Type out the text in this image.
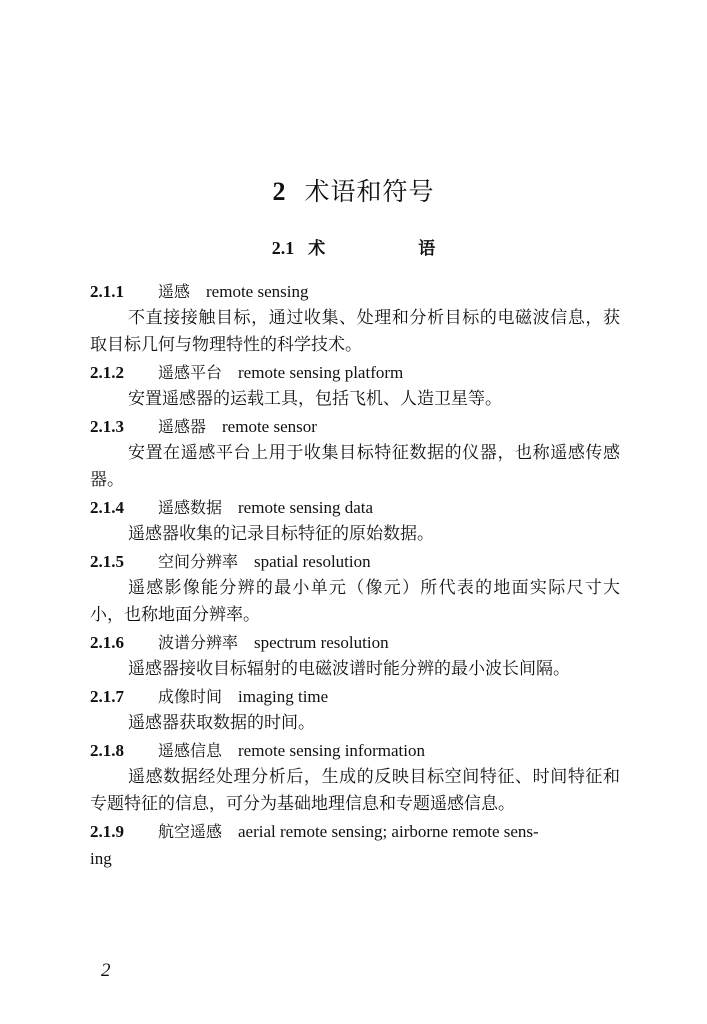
2 术语和符号
2.1 术　语
2.1.1 遥感 remote sensing

不直接接触目标，通过收集、处理和分析目标的电磁波信息，获取目标几何与物理特性的科学技术。

2.1.2 遥感平台 remote sensing platform

安置遥感器的运载工具，包括飞机、人造卫星等。

2.1.3 遥感器 remote sensor

安置在遥感平台上用于收集目标特征数据的仪器，也称遥感传感器。

2.1.4 遥感数据 remote sensing data

遥感器收集的记录目标特征的原始数据。

2.1.5 空间分辨率 spatial resolution

遥感影像能分辨的最小单元（像元）所代表的地面实际尺寸大小，也称地面分辨率。

2.1.6 波谱分辨率 spectrum resolution

遥感器接收目标辐射的电磁波谱时能分辨的最小波长间隔。

2.1.7 成像时间 imaging time

遥感器获取数据的时间。

2.1.8 遥感信息 remote sensing information

遥感数据经处理分析后，生成的反映目标空间特征、时间特征和专题特征的信息，可分为基础地理信息和专题遥感信息。

2.1.9 航空遥感 aerial remote sensing; airborne remote sens-

ing

2
